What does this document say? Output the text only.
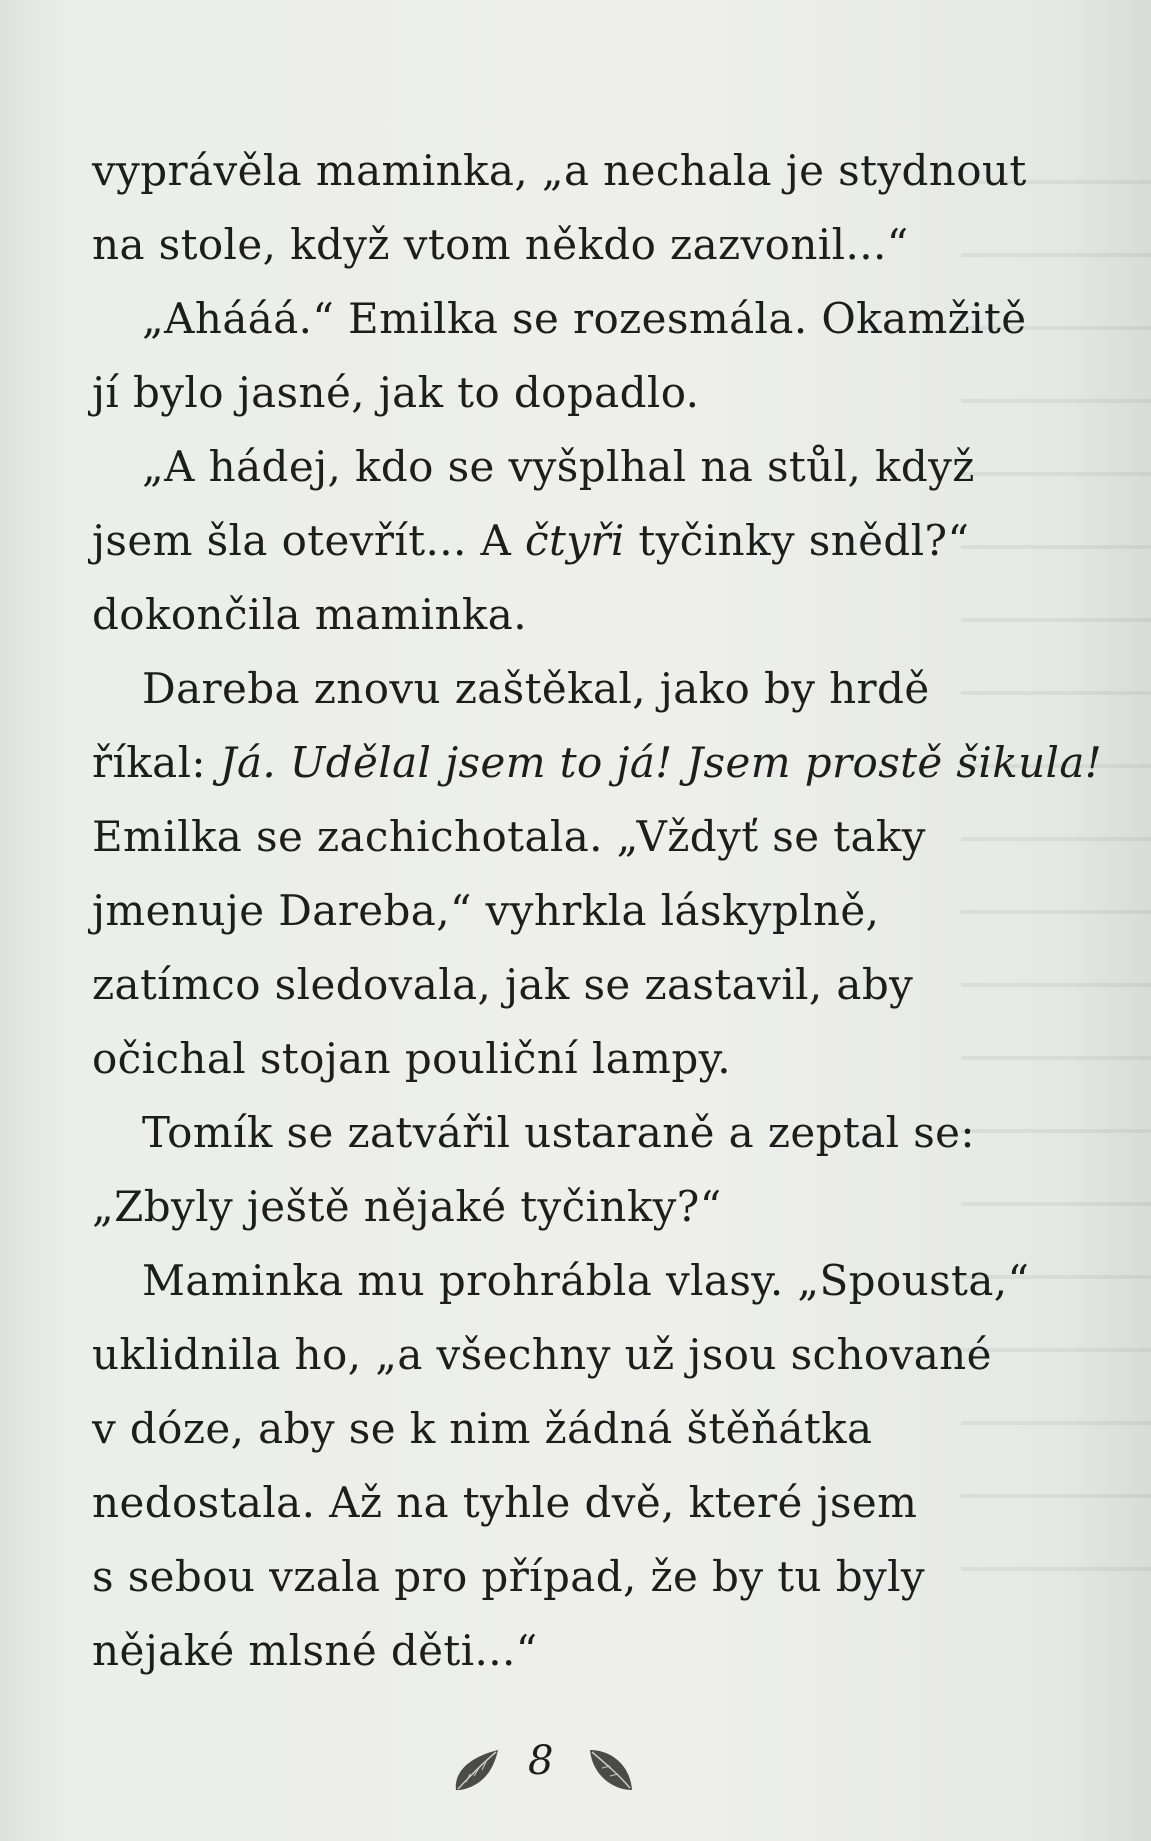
vyprávěla maminka, „a nechala je stydnout
na stole, když vtom někdo zazvonil...“
„Ahááá.“ Emilka se rozesmála. Okamžitě
jí bylo jasné, jak to dopadlo.
„A hádej, kdo se vyšplhal na stůl, když
jsem šla otevřít... A čtyři tyčinky snědl?“
dokončila maminka.
Dareba znovu zaštěkal, jako by hrdě
říkal: Já. Udělal jsem to já! Jsem prostě šikula!
Emilka se zachichotala. „Vždyť se taky
jmenuje Dareba,“ vyhrkla láskyplně,
zatímco sledovala, jak se zastavil, aby
očichal stojan pouliční lampy.
Tomík se zatvářil ustaraně a zeptal se:
„Zbyly ještě nějaké tyčinky?“
Maminka mu prohrábla vlasy. „Spousta,“
uklidnila ho, „a všechny už jsou schované
v dóze, aby se k nim žádná štěňátka
nedostala. Až na tyhle dvě, které jsem
s sebou vzala pro případ, že by tu byly
nějaké mlsné děti...“
8
